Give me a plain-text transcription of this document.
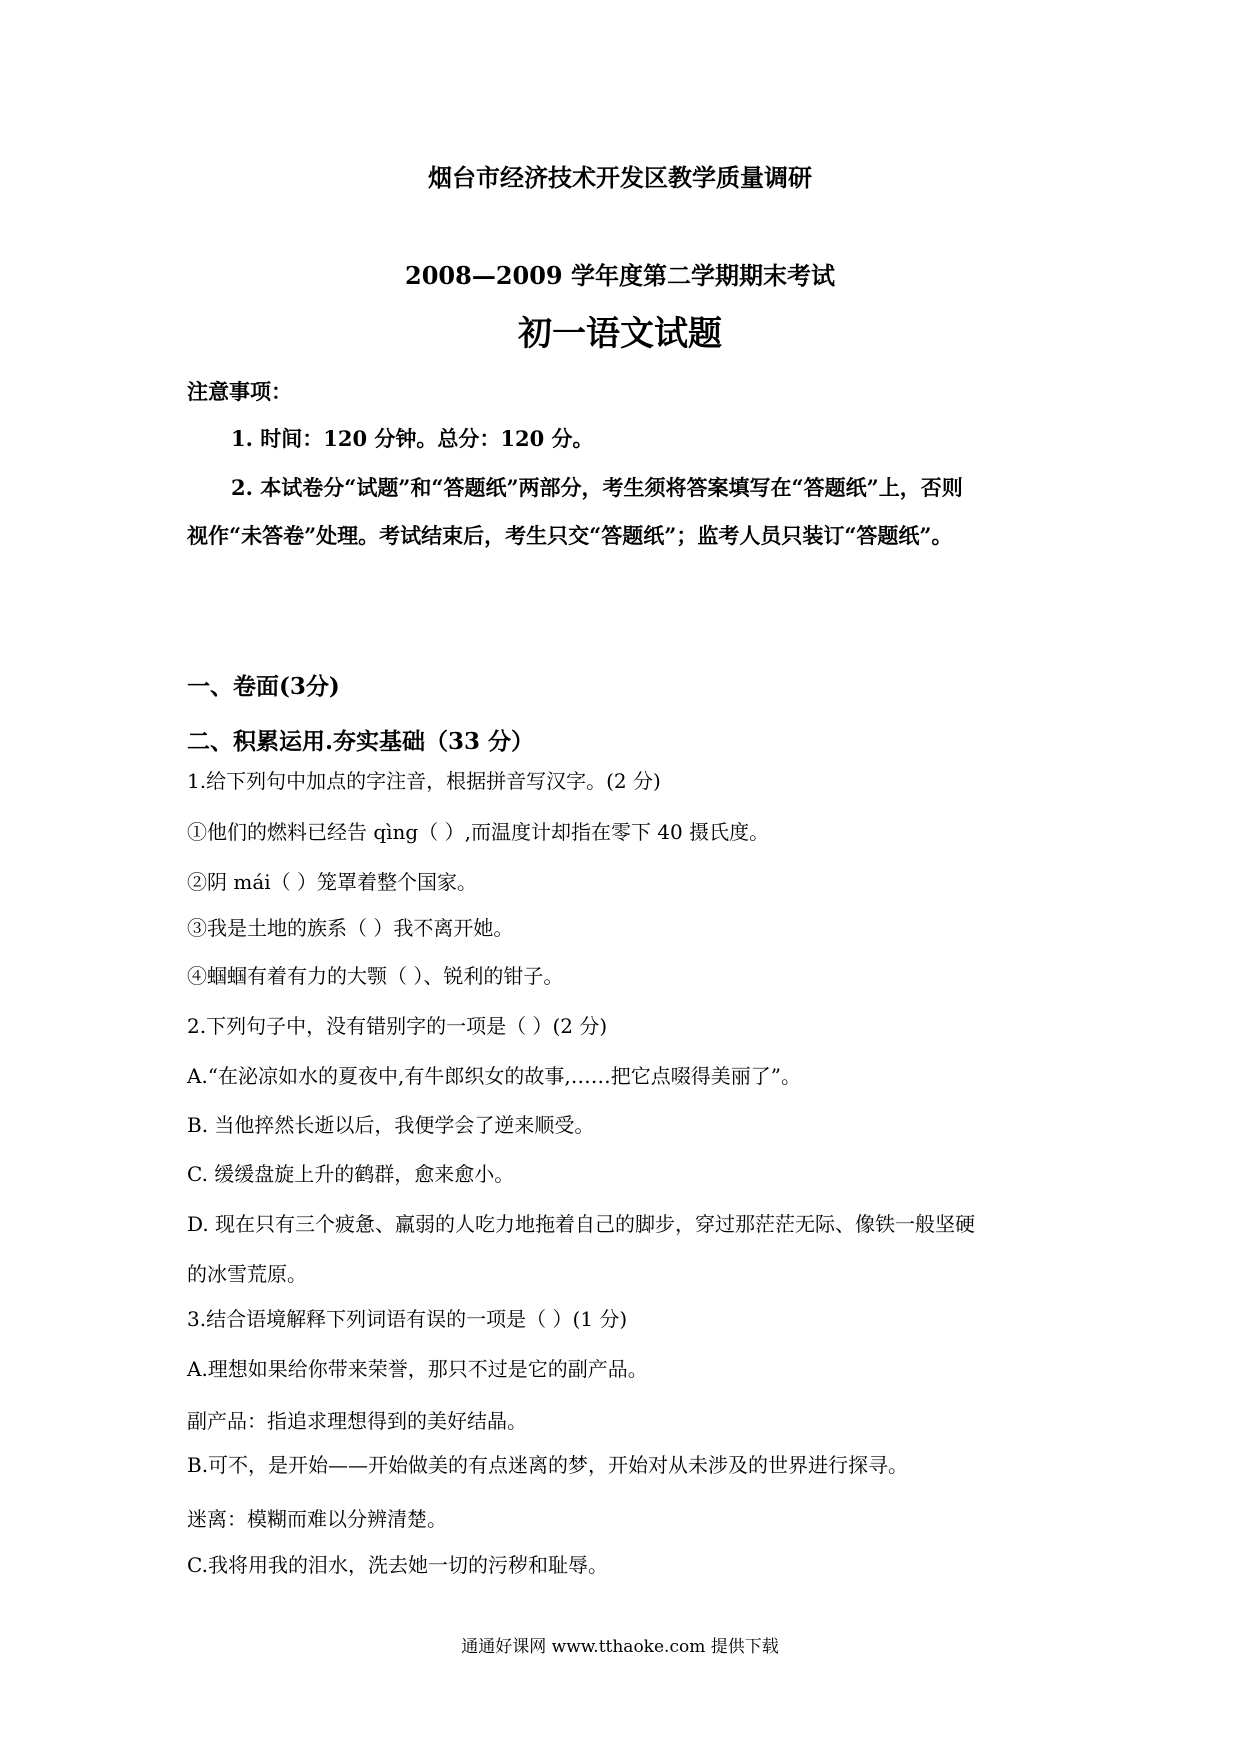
烟台市经济技术开发区教学质量调研
2008—2009 学年度第二学期期末考试
初一语文试题
注意事项：
1. 时间：120 分钟。总分：120 分。
2. 本试卷分“试题”和“答题纸”两部分，考生须将答案填写在“答题纸”上，否则
视作“未答卷”处理。考试结束后，考生只交“答题纸”；监考人员只装订“答题纸”。
一、卷面(3分)
二、积累运用.夯实基础（33 分）
1.给下列句中加点的字注音，根据拼音写汉字。(2 分)
①他们的燃料已经告 qìng（ ）,而温度计却指在零下 40 摄氏度。
②阴 mái（ ）笼罩着整个国家。
③我是土地的族系（ ）我不离开她。
④蝈蝈有着有力的大颚（ ）、锐利的钳子。
2.下列句子中，没有错别字的一项是（ ）(2 分)
A.“在泌凉如水的夏夜中,有牛郎织女的故事,……把它点啜得美丽了”。
B. 当他捽然长逝以后，我便学会了逆来顺受。
C. 缓缓盘旋上升的鹤群，愈来愈小。
D. 现在只有三个疲惫、羸弱的人吃力地拖着自己的脚步，穿过那茫茫无际、像铁一般坚硬
的冰雪荒原。
3.结合语境解释下列词语有误的一项是（ ）(1 分)
A.理想如果给你带来荣誉，那只不过是它的副产品。
副产品：指追求理想得到的美好结晶。
B.可不，是开始——开始做美的有点迷离的梦，开始对从未涉及的世界进行探寻。
迷离：模糊而难以分辨清楚。
C.我将用我的泪水，洗去她一切的污秽和耻辱。
通通好课网 www.tthaoke.com 提供下载
